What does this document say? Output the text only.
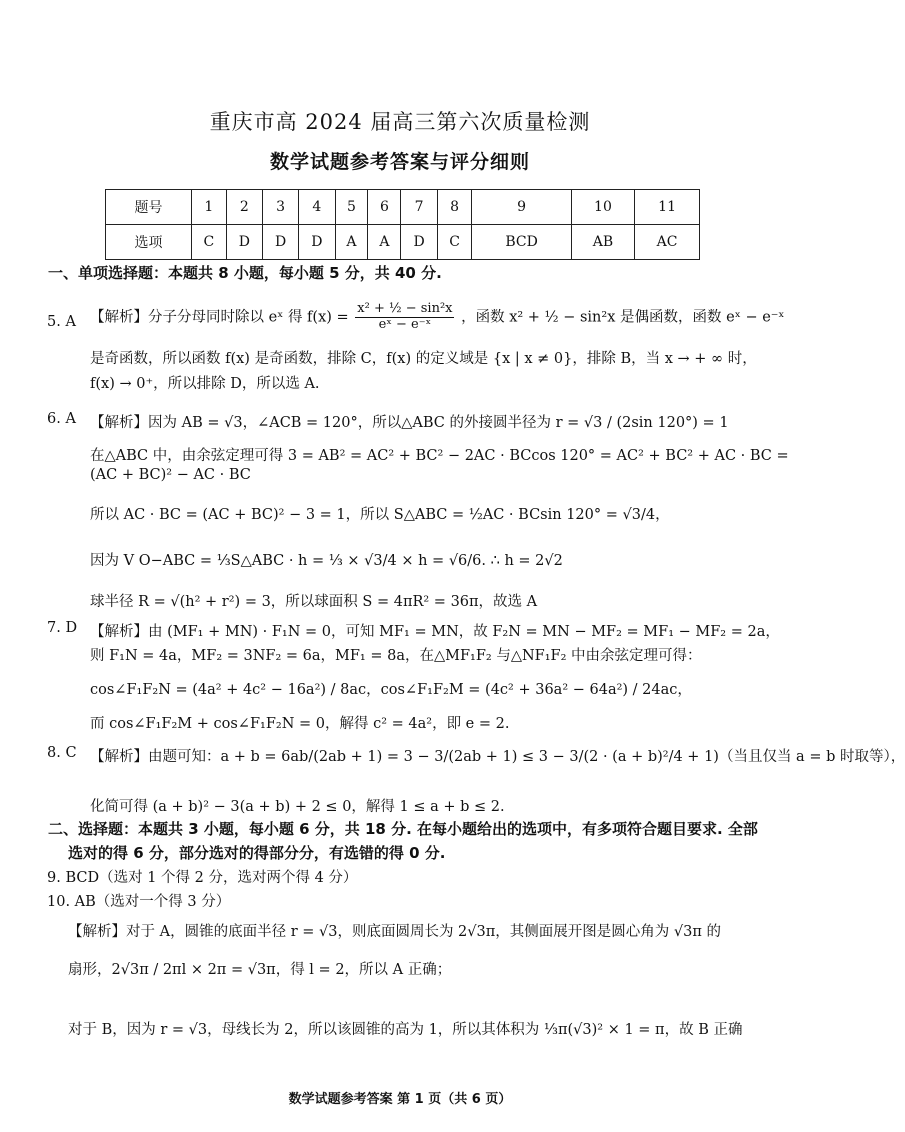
重庆市高 2024 届高三第六次质量检测
数学试题参考答案与评分细则
题号	1	2	3	4	5	6	7	8	9	10	11
选项	C	D	D	D	A	A	D	C	BCD	AB	AC
一、单项选择题：本题共 8 小题，每小题 5 分，共 40 分.
5. A 【解析】分子分母同时除以 eˣ 得 $f(x) = \frac{\text{x² + ½ − sin²x}}{\text{eˣ − e⁻ˣ}}$ ，函数 x² + ½ − sin²x 是偶函数，函数 eˣ − e⁻ˣ
是奇函数，所以函数 f(x) 是奇函数，排除 C，f(x) 的定义域是 {x | x ≠ 0}，排除 B，当 x → + ∞ 时，
f(x) → 0⁺，所以排除 D，所以选 A.
6. A 【解析】因为 AB = √3，∠ACB = 120°，所以△ABC 的外接圆半径为 r = √3 / (2sin 120°) = 1
在△ABC 中，由余弦定理可得 3 = AB² = AC² + BC² − 2AC · BCcos 120° = AC² + BC² + AC · BC =
(AC + BC)² − AC · BC
所以 AC · BC = (AC + BC)² − 3 = 1，所以 S△ABC = ½AC · BCsin 120° = √3/4，
因为 V O−ABC = ⅓S△ABC · h = ⅓ × √3/4 × h = √6/6. ∴ h = 2√2
球半径 R = √(h² + r²) = 3，所以球面积 S = 4πR² = 36π，故选 A
7. D 【解析】由 (MF₁ + MN) · F₁N = 0，可知 MF₁ = MN，故 F₂N = MN − MF₂ = MF₁ − MF₂ = 2a，
则 F₁N = 4a，MF₂ = 3NF₂ = 6a，MF₁ = 8a，在△MF₁F₂ 与△NF₁F₂ 中由余弦定理可得：
cos∠F₁F₂N = (4a² + 4c² − 16a²) / 8ac，cos∠F₁F₂M = (4c² + 36a² − 64a²) / 24ac，
而 cos∠F₁F₂M + cos∠F₁F₂N = 0，解得 c² = 4a²，即 e = 2.
8. C 【解析】由题可知：a + b = 6ab/(2ab + 1) = 3 − 3/(2ab + 1) ≤ 3 − 3/(2 · (a + b)²/4 + 1)（当且仅当 a = b 时取等），
化简可得 (a + b)² − 3(a + b) + 2 ≤ 0，解得 1 ≤ a + b ≤ 2.
二、选择题：本题共 3 小题，每小题 6 分，共 18 分. 在每小题给出的选项中，有多项符合题目要求. 全部
选对的得 6 分，部分选对的得部分分，有选错的得 0 分.
9. BCD（选对 1 个得 2 分，选对两个得 4 分）
10. AB（选对一个得 3 分）
【解析】对于 A，圆锥的底面半径 r = √3，则底面圆周长为 2√3π，其侧面展开图是圆心角为 √3π 的
扇形，2√3π / 2πl × 2π = √3π，得 l = 2，所以 A 正确；
对于 B，因为 r = √3，母线长为 2，所以该圆锥的高为 1，所以其体积为 ⅓π(√3)² × 1 = π，故 B 正确
数学试题参考答案 第 1 页（共 6 页）
